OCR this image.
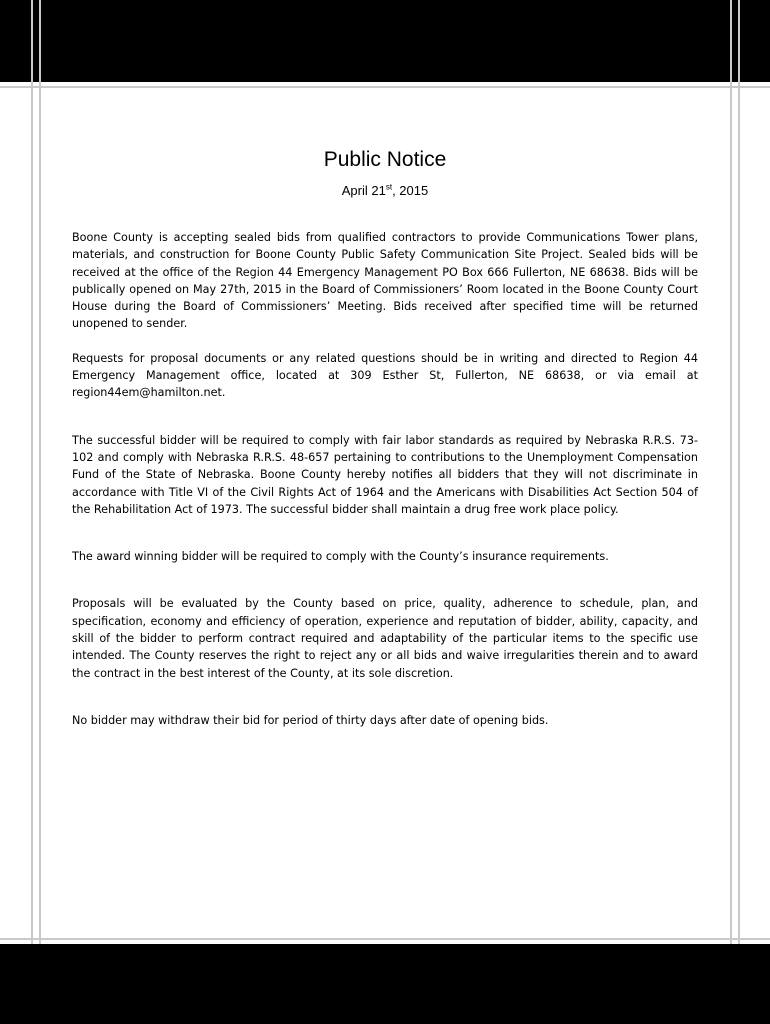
Public Notice
April 21st, 2015

Boone County is accepting sealed bids from qualified contractors to provide Communications Tower plans, materials, and construction for Boone County Public Safety Communication Site Project. Sealed bids will be received at the office of the Region 44 Emergency Management PO Box 666 Fullerton, NE 68638. Bids will be publically opened on May 27th, 2015 in the Board of Commissioners’ Room located in the Boone County Court House during the Board of Commissioners’ Meeting. Bids received after specified time will be returned unopened to sender.

Requests for proposal documents or any related questions should be in writing and directed to Region 44 Emergency Management office, located at 309 Esther St, Fullerton, NE 68638, or via email at region44em@hamilton.net.

The successful bidder will be required to comply with fair labor standards as required by Nebraska R.R.S. 73-102 and comply with Nebraska R.R.S. 48-657 pertaining to contributions to the Unemployment Compensation Fund of the State of Nebraska. Boone County hereby notifies all bidders that they will not discriminate in accordance with Title VI of the Civil Rights Act of 1964 and the Americans with Disabilities Act Section 504 of the Rehabilitation Act of 1973. The successful bidder shall maintain a drug free work place policy.

The award winning bidder will be required to comply with the County’s insurance requirements.

Proposals will be evaluated by the County based on price, quality, adherence to schedule, plan, and specification, economy and efficiency of operation, experience and reputation of bidder, ability, capacity, and skill of the bidder to perform contract required and adaptability of the particular items to the specific use intended. The County reserves the right to reject any or all bids and waive irregularities therein and to award the contract in the best interest of the County, at its sole discretion.

No bidder may withdraw their bid for period of thirty days after date of opening bids.
